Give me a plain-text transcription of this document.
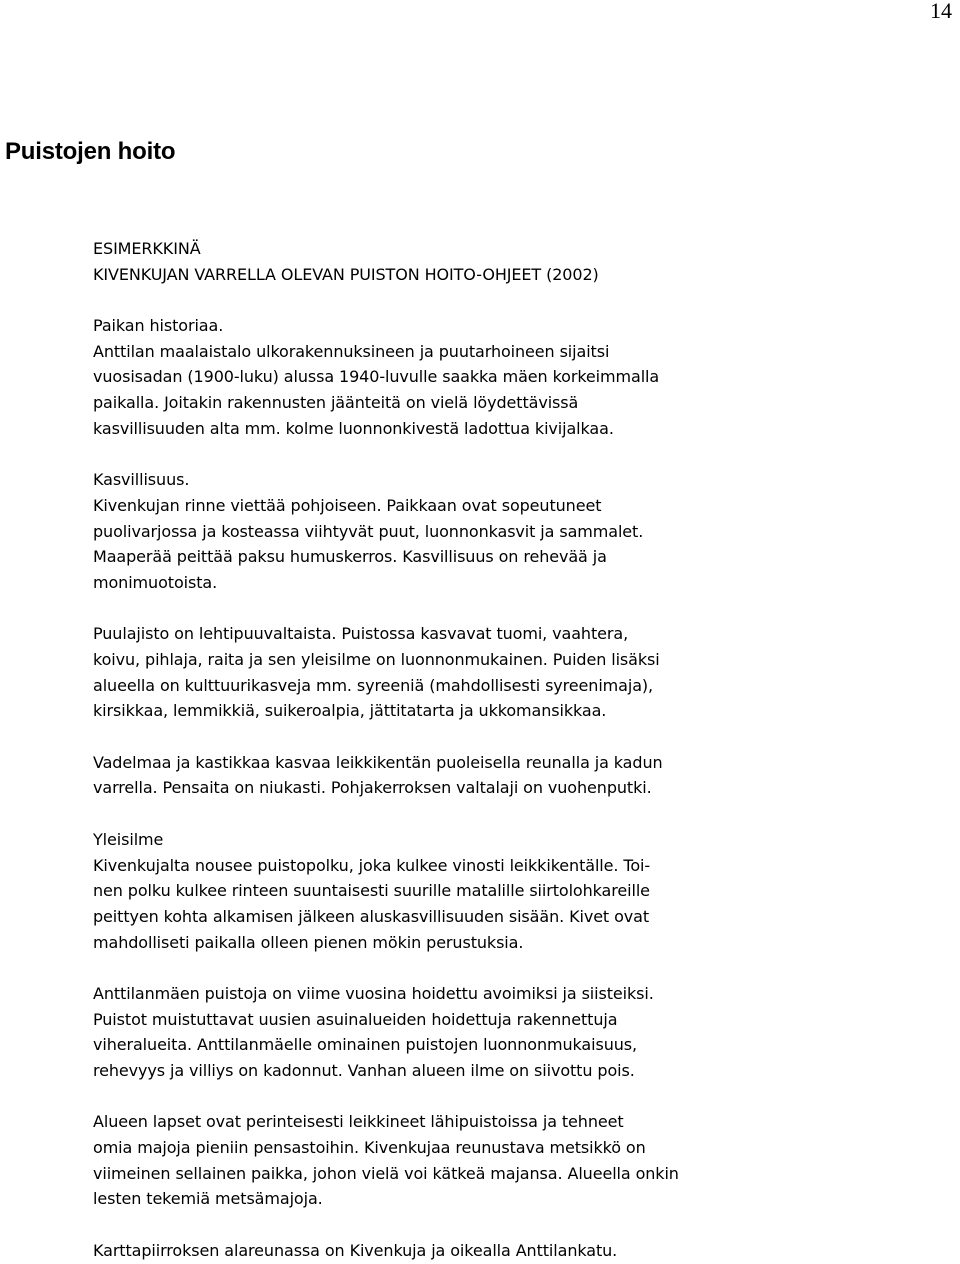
14
Puistojen hoito
ESIMERKKINÄ
KIVENKUJAN VARRELLA OLEVAN PUISTON HOITO-OHJEET (2002)
Paikan historiaa.
Anttilan maalaistalo ulkorakennuksineen ja puutarhoineen sijaitsi
vuosisadan (1900-luku) alussa 1940-luvulle saakka mäen korkeimmalla
paikalla. Joitakin rakennusten jäänteitä on vielä löydettävissä
kasvillisuuden alta mm. kolme luonnonkivestä ladottua kivijalkaa.
Kasvillisuus.
Kivenkujan rinne viettää pohjoiseen. Paikkaan ovat sopeutuneet
puolivarjossa ja kosteassa viihtyvät puut, luonnonkasvit ja sammalet.
Maaperää peittää paksu humuskerros. Kasvillisuus on rehevää ja
monimuotoista.
Puulajisto on lehtipuuvaltaista. Puistossa kasvavat tuomi, vaahtera,
koivu, pihlaja, raita ja sen yleisilme on luonnonmukainen. Puiden lisäksi
alueella on kulttuurikasveja mm. syreeniä (mahdollisesti syreenimaja),
kirsikkaa, lemmikkiä, suikeroalpia, jättitatarta ja ukkomansikkaa.
Vadelmaa ja kastikkaa kasvaa leikkikentän puoleisella reunalla ja kadun
varrella. Pensaita on niukasti. Pohjakerroksen valtalaji on vuohenputki.
Yleisilme
Kivenkujalta nousee puistopolku, joka kulkee vinosti leikkikentälle. Toi-
nen polku kulkee rinteen suuntaisesti suurille matalille siirtolohkareille
peittyen kohta alkamisen jälkeen aluskasvillisuuden sisään. Kivet ovat
mahdolliseti paikalla olleen pienen mökin perustuksia.
Anttilanmäen puistoja on viime vuosina hoidettu avoimiksi ja siisteiksi.
Puistot muistuttavat uusien asuinalueiden hoidettuja rakennettuja
viheralueita. Anttilanmäelle ominainen puistojen luonnonmukaisuus,
rehevyys ja villiys on kadonnut. Vanhan alueen ilme on siivottu pois.
Alueen lapset ovat perinteisesti leikkineet lähipuistoissa ja tehneet
omia majoja pieniin pensastoihin. Kivenkujaa reunustava metsikkö on
viimeinen sellainen paikka, johon vielä voi kätkeä majansa. Alueella onkin
lesten tekemiä metsämajoja.
Karttapiirroksen alareunassa on Kivenkuja ja oikealla Anttilankatu.
